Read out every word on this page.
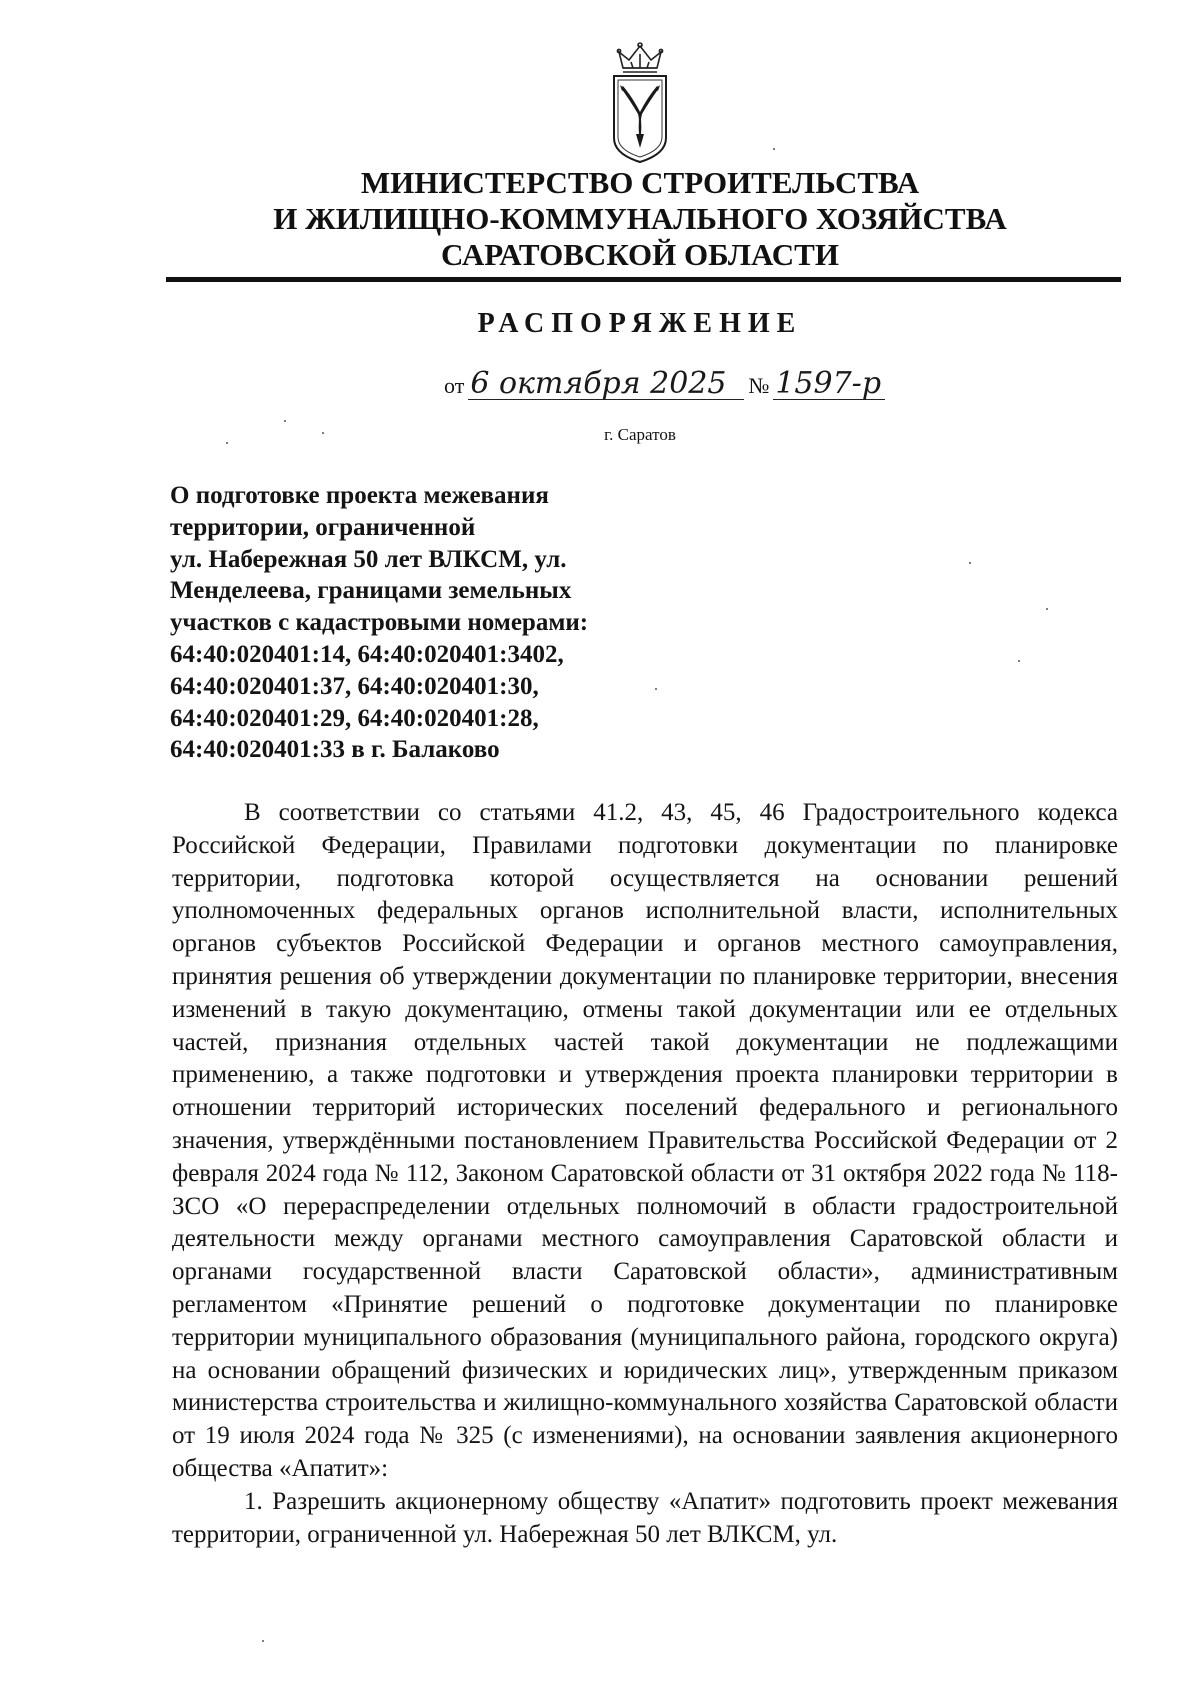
МИНИСТЕРСТВО СТРОИТЕЛЬСТВА
И ЖИЛИЩНО-КОММУНАЛЬНОГО ХОЗЯЙСТВА
САРАТОВСКОЙ ОБЛАСТИ
РАСПОРЯЖЕНИЕ
от 6 октября 2025 № 1597-р
г. Саратов
О подготовке проекта межевания
территории, ограниченной
ул. Набережная 50 лет ВЛКСМ, ул.
Менделеева, границами земельных
участков с кадастровыми номерами:
64:40:020401:14, 64:40:020401:3402,
64:40:020401:37, 64:40:020401:30,
64:40:020401:29, 64:40:020401:28,
64:40:020401:33 в г. Балаково

В соответствии со статьями 41.2, 43, 45, 46 Градостроительного кодекса Российской Федерации, Правилами подготовки документации по планировке территории, подготовка которой осуществляется на основании решений уполномоченных федеральных органов исполнительной власти, исполнительных органов субъектов Российской Федерации и органов местного самоуправления, принятия решения об утверждении документации по планировке территории, внесения изменений в такую документацию, отмены такой документации или ее отдельных частей, признания отдельных частей такой документации не подлежащими применению, а также подготовки и утверждения проекта планировки территории в отношении территорий исторических поселений федерального и регионального значения, утверждёнными постановлением Правительства Российской Федерации от 2 февраля 2024 года № 112, Законом Саратовской области от 31 октября 2022 года № 118-ЗСО «О перераспределении отдельных полномочий в области градостроительной деятельности между органами местного самоуправления Саратовской области и органами государственной власти Саратовской области», административным регламентом «Принятие решений о подготовке документации по планировке территории муниципального образования (муниципального района, городского округа) на основании обращений физических и юридических лиц», утвержденным приказом министерства строительства и жилищно-коммунального хозяйства Саратовской области от 19 июля 2024 года № 325 (с изменениями), на основании заявления акционерного общества «Апатит»:

1. Разрешить акционерному обществу «Апатит» подготовить проект межевания территории, ограниченной ул. Набережная 50 лет ВЛКСМ, ул.
